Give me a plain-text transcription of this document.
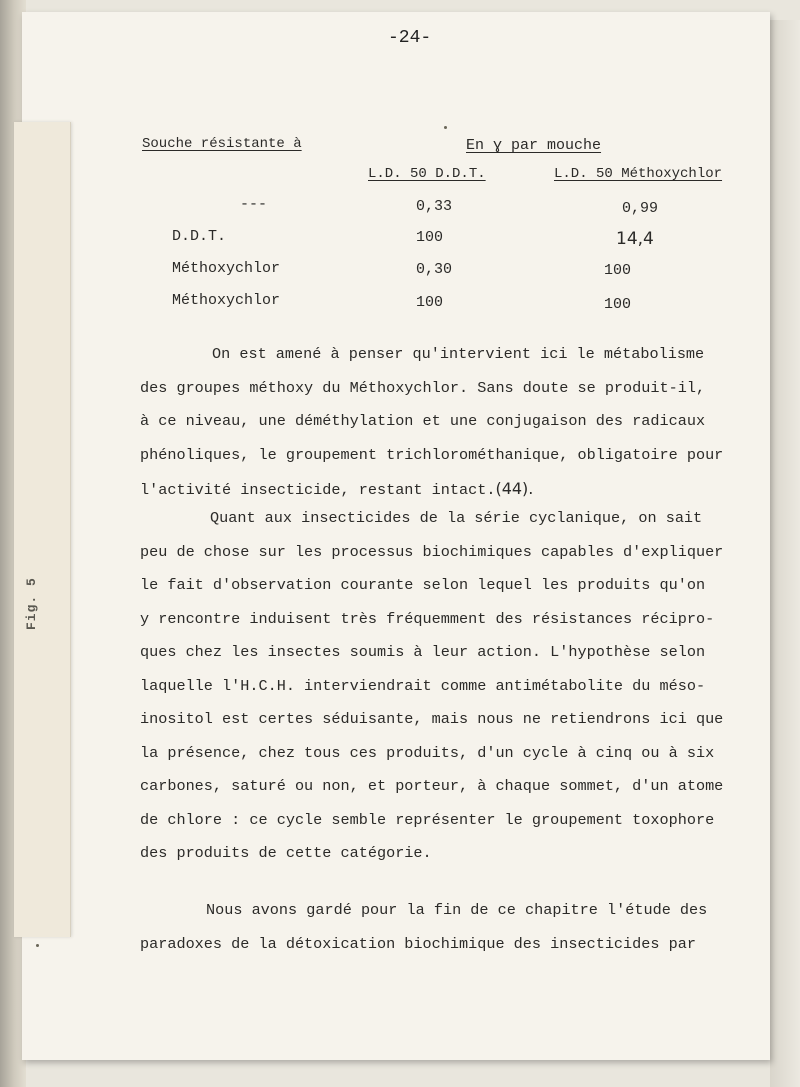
Fig. 5
-24-
Souche résistante à	En ɣ par mouche
L.D. 50 D.D.T.	L.D. 50 Méthoxychlor
---	0,33	0,99
D.D.T.	100	14,4
Méthoxychlor	0,30	100
Méthoxychlor	100	100
On est amené à penser qu'intervient ici le métabolisme
des groupes méthoxy du Méthoxychlor. Sans doute se produit-il,
à ce niveau, une déméthylation et une conjugaison des radicaux
phénoliques, le groupement trichlorométhanique, obligatoire pour
l'activité insecticide, restant intact.(44).
Quant aux insecticides de la série cyclanique, on sait
peu de chose sur les processus biochimiques capables d'expliquer
le fait d'observation courante selon lequel les produits qu'on
y rencontre induisent très fréquemment des résistances récipro-
ques chez les insectes soumis à leur action. L'hypothèse selon
laquelle l'H.C.H. interviendrait comme antimétabolite du méso-
inositol est certes séduisante, mais nous ne retiendrons ici que
la présence, chez tous ces produits, d'un cycle à cinq ou à six
carbones, saturé ou non, et porteur, à chaque sommet, d'un atome
de chlore : ce cycle semble représenter le groupement toxophore
des produits de cette catégorie.
Nous avons gardé pour la fin de ce chapitre l'étude des
paradoxes de la détoxication biochimique des insecticides par
